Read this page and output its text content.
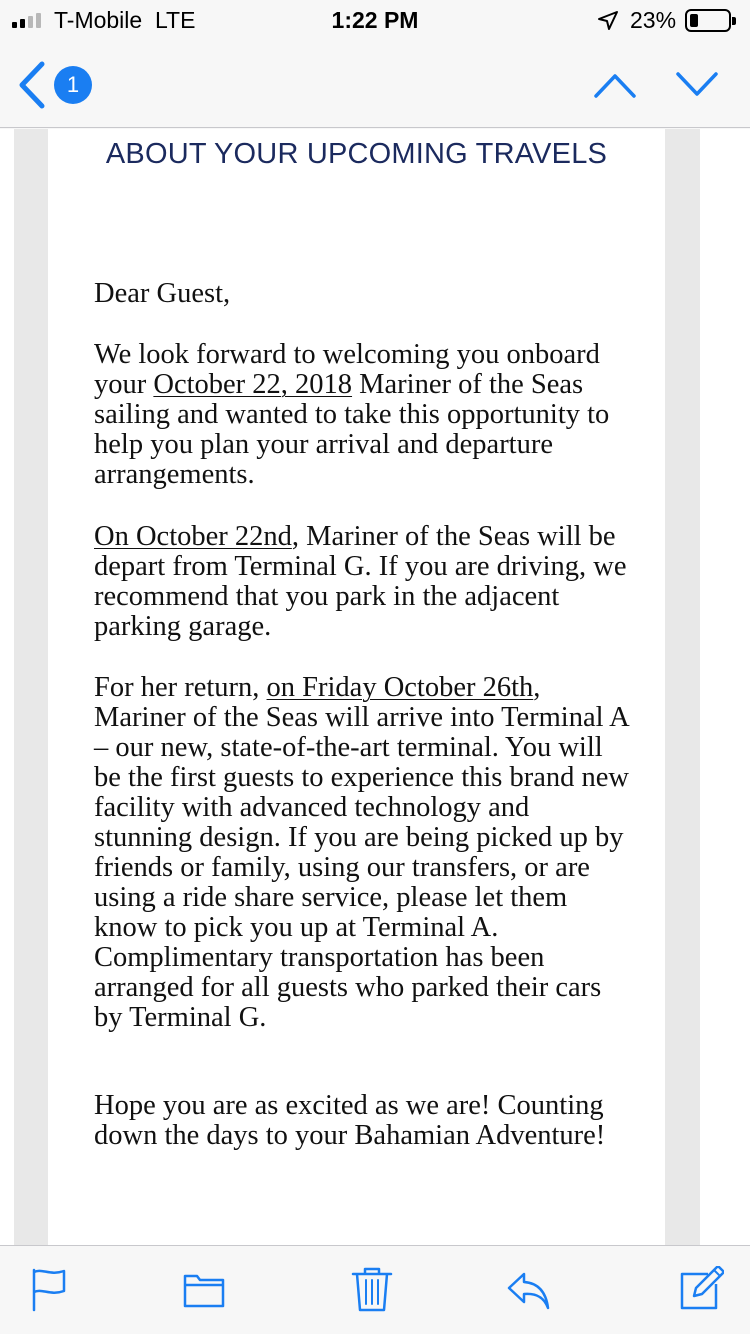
T-Mobile  LTE	1:22 PM	23%
1
ABOUT YOUR UPCOMING TRAVELS
Dear Guest,
We look forward to welcoming you onboard your October 22, 2018 Mariner of the Seas sailing and wanted to take this opportunity to help you plan your arrival and departure arrangements.
On October 22nd, Mariner of the Seas will be depart from Terminal G. If you are driving, we recommend that you park in the adjacent parking garage.
For her return, on Friday October 26th, Mariner of the Seas will arrive into Terminal A – our new, state-of-the-art terminal. You will be the first guests to experience this brand new facility with advanced technology and stunning design. If you are being picked up by friends or family, using our transfers, or are using a ride share service, please let them know to pick you up at Terminal A. Complimentary transportation has been arranged for all guests who parked their cars by Terminal G.
Hope you are as excited as we are! Counting down the days to your Bahamian Adventure!
